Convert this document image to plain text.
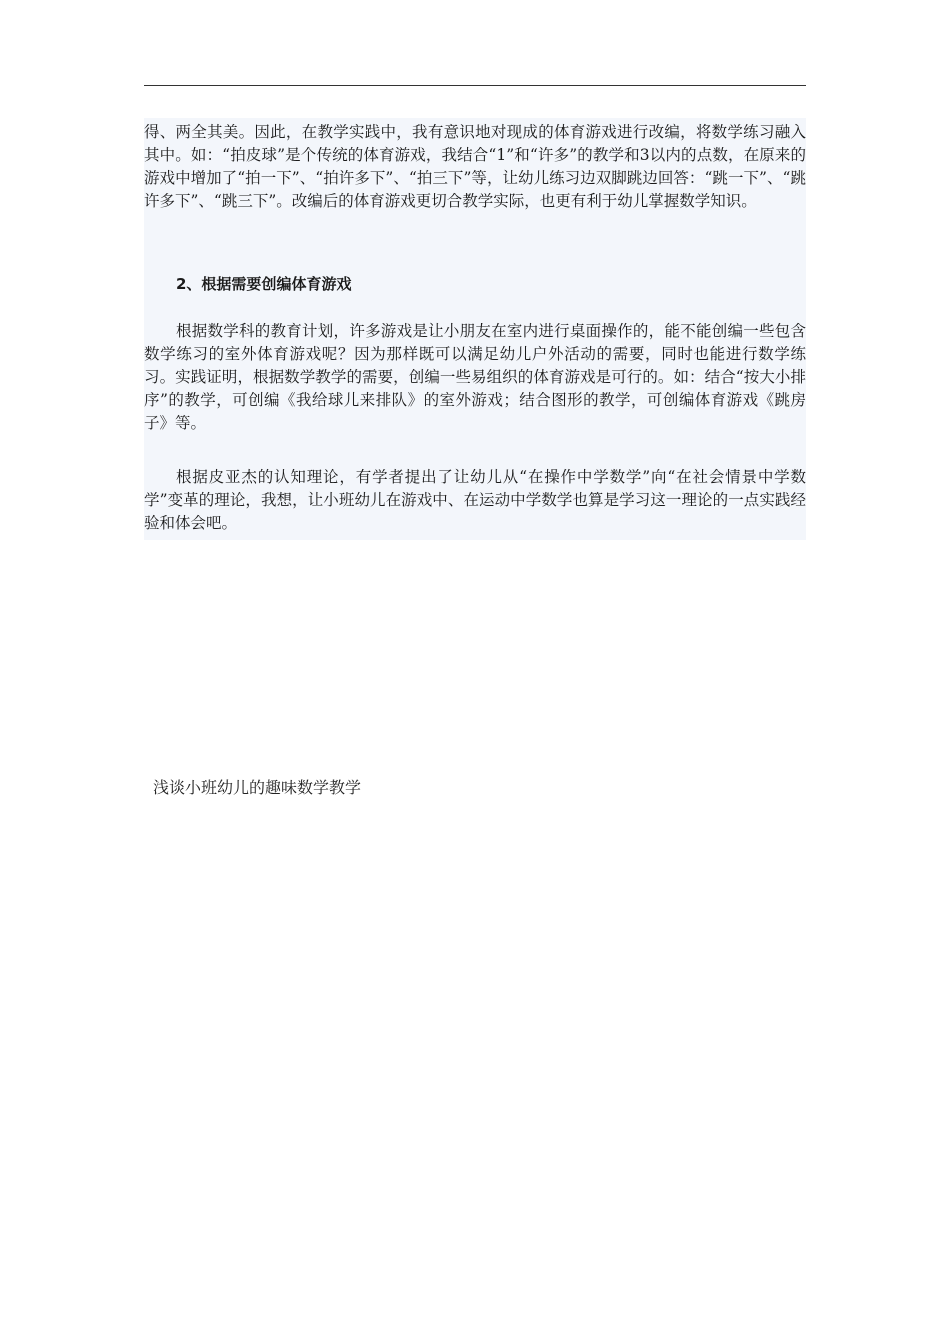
得、两全其美。因此，在教学实践中，我有意识地对现成的体育游戏进行改编，将数学练习融入其中。如：“拍皮球”是个传统的体育游戏，我结合“1”和“许多”的教学和3以内的点数，在原来的游戏中增加了“拍一下”、“拍许多下”、“拍三下”等，让幼儿练习边双脚跳边回答：“跳一下”、“跳许多下”、“跳三下”。改编后的体育游戏更切合教学实际，也更有利于幼儿掌握数学知识。

2、根据需要创编体育游戏

根据数学科的教育计划，许多游戏是让小朋友在室内进行桌面操作的，能不能创编一些包含数学练习的室外体育游戏呢？因为那样既可以满足幼儿户外活动的需要，同时也能进行数学练习。实践证明，根据数学教学的需要，创编一些易组织的体育游戏是可行的。如：结合“按大小排序”的教学，可创编《我给球儿来排队》的室外游戏；结合图形的教学，可创编体育游戏《跳房子》等。

根据皮亚杰的认知理论，有学者提出了让幼儿从“在操作中学数学”向“在社会情景中学数学”变革的理论，我想，让小班幼儿在游戏中、在运动中学数学也算是学习这一理论的一点实践经验和体会吧。

浅谈小班幼儿的趣味数学教学
